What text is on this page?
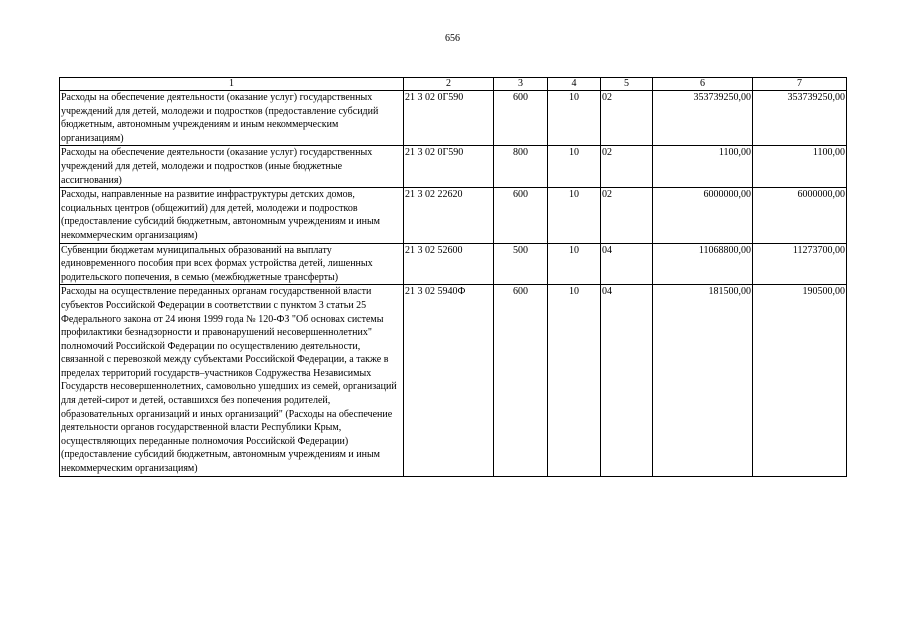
656
1	2	3	4	5	6	7
Расходы на обеспечение деятельности (оказание услуг) государственных учреждений для детей, молодежи и подростков (предоставление субсидий бюджетным, автономным учреждениям и иным некоммерческим организациям)	21 3 02 0Г590	600	10	02	353739250,00	353739250,00
Расходы на обеспечение деятельности (оказание услуг) государственных учреждений для детей, молодежи и подростков (иные бюджетные ассигнования)	21 3 02 0Г590	800	10	02	1100,00	1100,00
Расходы, направленные на развитие инфраструктуры детских домов, социальных центров (общежитий) для детей, молодежи и подростков (предоставление субсидий бюджетным, автономным учреждениям и иным некоммерческим организациям)	21 3 02 22620	600	10	02	6000000,00	6000000,00
Субвенции бюджетам муниципальных образований на выплату единовременного пособия при всех формах устройства детей, лишенных родительского попечения, в семью (межбюджетные трансферты)	21 3 02 52600	500	10	04	11068800,00	11273700,00
Расходы на осуществление переданных органам государственной власти субъектов Российской Федерации в соответствии с пунктом 3 статьи 25 Федерального закона от 24 июня 1999 года № 120-ФЗ "Об основах системы профилактики безнадзорности и правонарушений несовершеннолетних" полномочий Российской Федерации по осуществлению деятельности, связанной с перевозкой между субъектами Российской Федерации, а также в пределах территорий государств–участников Содружества Независимых Государств несовершеннолетних, самовольно ушедших из семей, организаций для детей-сирот и детей, оставшихся без попечения родителей, образовательных организаций и иных организаций" (Расходы на обеспечение деятельности органов государственной власти Республики Крым, осуществляющих переданные полномочия Российской Федерации) (предоставление субсидий бюджетным, автономным учреждениям и иным некоммерческим организациям)	21 3 02 5940Ф	600	10	04	181500,00	190500,00
